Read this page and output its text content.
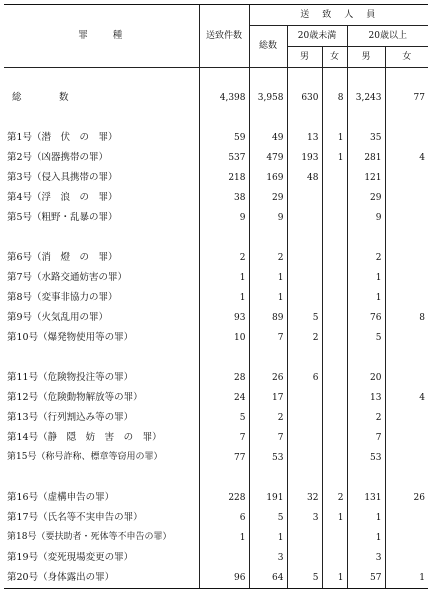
罪　　種	送致件数	送　致　人　員				
		総数	20歳未満		20歳以上	
			男	女	男	女

総　数	4,398	3,958	630	8	3,243	77

第1号（潜　伏　の　罪）	59	49	13	1	35	
第2号（凶器携帯の罪）	537	479	193	1	281	4
第3号（侵入具携帯の罪）	218	169	48		121	
第4号（浮　浪　の　罪）	38	29			29	
第5号（粗野・乱暴の罪）	9	9			9	

第6号（消　燈　の　罪）	2	2			2	
第7号（水路交通妨害の罪）	1	1			1	
第8号（変事非協力の罪）	1	1			1	
第9号（火気乱用の罪）	93	89	5		76	8
第10号（爆発物使用等の罪）	10	7	2		5	

第11号（危険物投注等の罪）	28	26	6		20	
第12号（危険動物解放等の罪）	24	17			13	4
第13号（行列割込み等の罪）	5	2			2	
第14号（静　隠　妨　害　の　罪）	7	7			7	
第15号（称号詐称、標章等窃用の罪）	77	53			53	

第16号（虚構申告の罪）	228	191	32	2	131	26
第17号（氏名等不実申告の罪）	6	5	3	1	1	
第18号（要扶助者・死体等不申告の罪）	1	1			1	
第19号（変死現場変更の罪）		3			3	
第20号（身体露出の罪）	96	64	5	1	57	1
